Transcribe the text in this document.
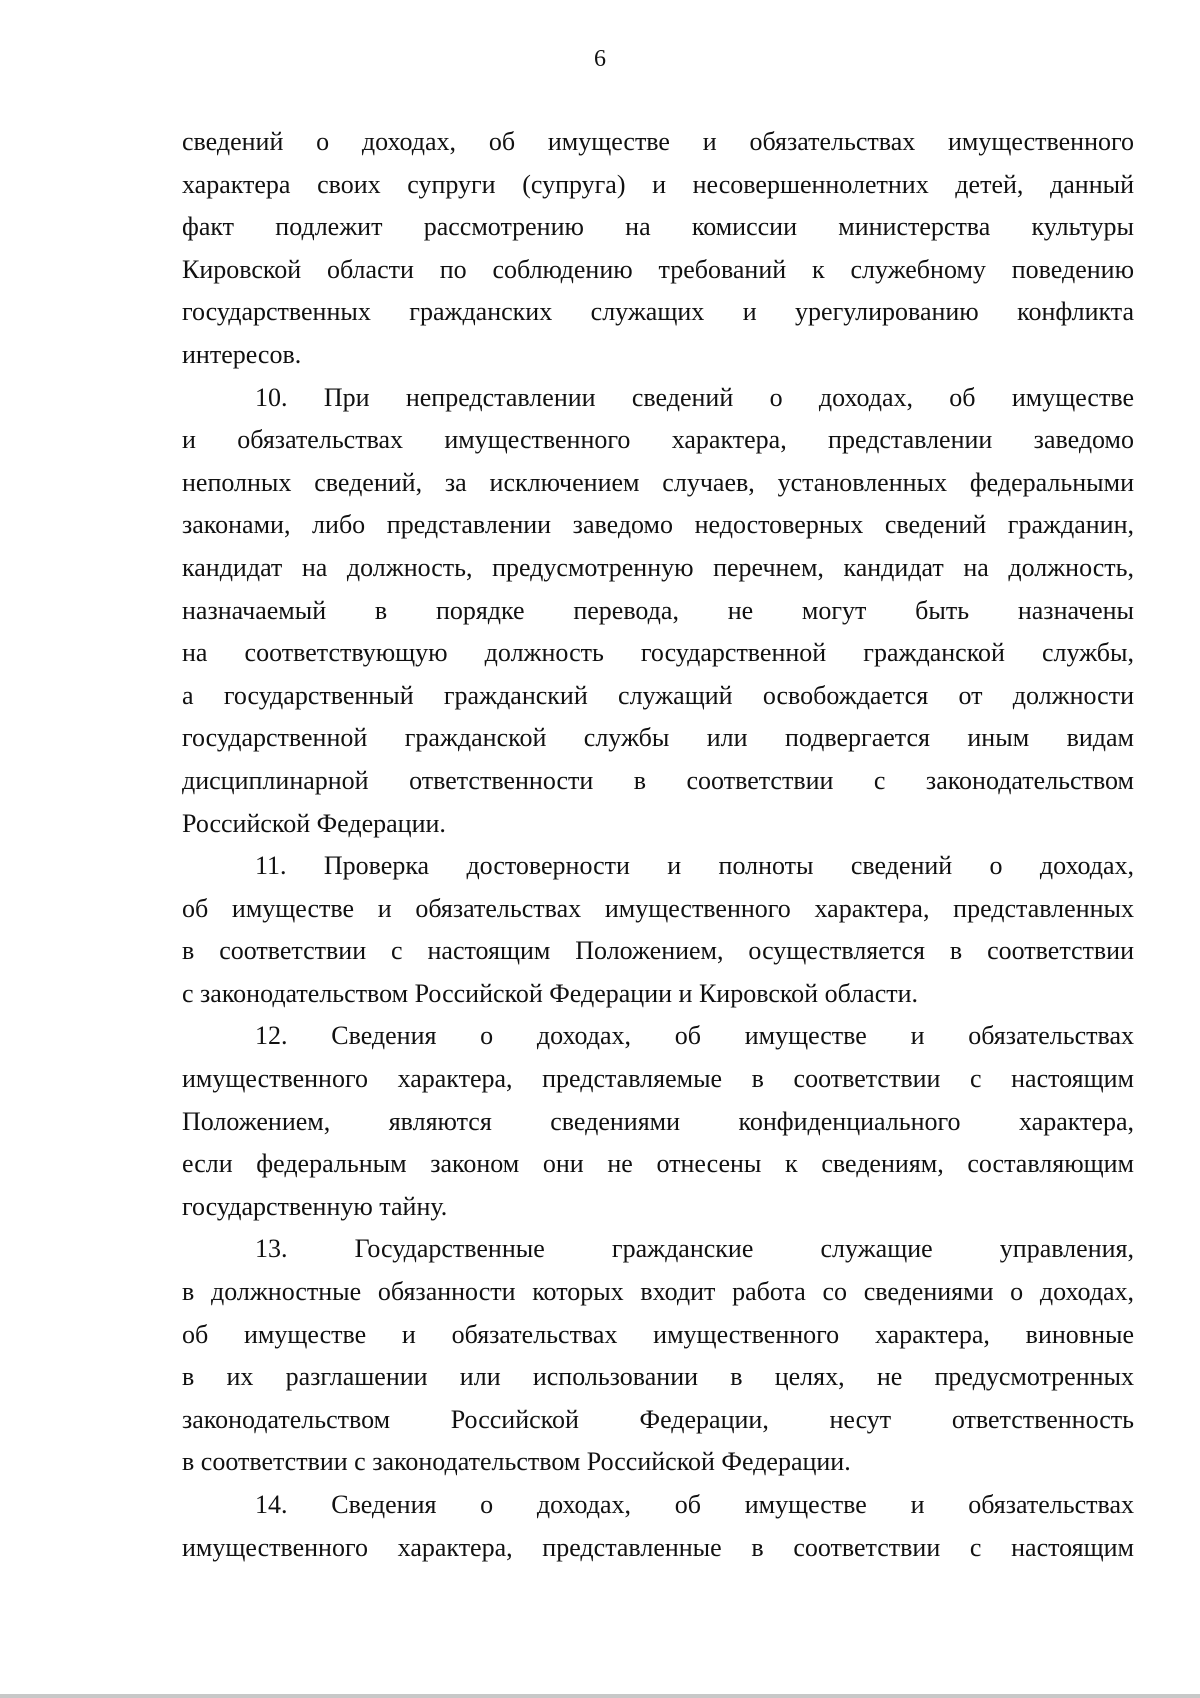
6
сведений о доходах, об имуществе и обязательствах имущественного
характера своих супруги (супруга) и несовершеннолетних детей, данный
факт подлежит рассмотрению на комиссии министерства культуры
Кировской области по соблюдению требований к служебному поведению
государственных гражданских служащих и урегулированию конфликта
интересов.
10. При непредставлении сведений о доходах, об имуществе
и обязательствах имущественного характера, представлении заведомо
неполных сведений, за исключением случаев, установленных федеральными
законами, либо представлении заведомо недостоверных сведений гражданин,
кандидат на должность, предусмотренную перечнем, кандидат на должность,
назначаемый в порядке перевода, не могут быть назначены
на соответствующую должность государственной гражданской службы,
а государственный гражданский служащий освобождается от должности
государственной гражданской службы или подвергается иным видам
дисциплинарной ответственности в соответствии с законодательством
Российской Федерации.
11. Проверка достоверности и полноты сведений о доходах,
об имуществе и обязательствах имущественного характера, представленных
в соответствии с настоящим Положением, осуществляется в соответствии
с законодательством Российской Федерации и Кировской области.
12. Сведения о доходах, об имуществе и обязательствах
имущественного характера, представляемые в соответствии с настоящим
Положением, являются сведениями конфиденциального характера,
если федеральным законом они не отнесены к сведениям, составляющим
государственную тайну.
13. Государственные гражданские служащие управления,
в должностные обязанности которых входит работа со сведениями о доходах,
об имуществе и обязательствах имущественного характера, виновные
в их разглашении или использовании в целях, не предусмотренных
законодательством Российской Федерации, несут ответственность
в соответствии с законодательством Российской Федерации.
14. Сведения о доходах, об имуществе и обязательствах
имущественного характера, представленные в соответствии с настоящим
